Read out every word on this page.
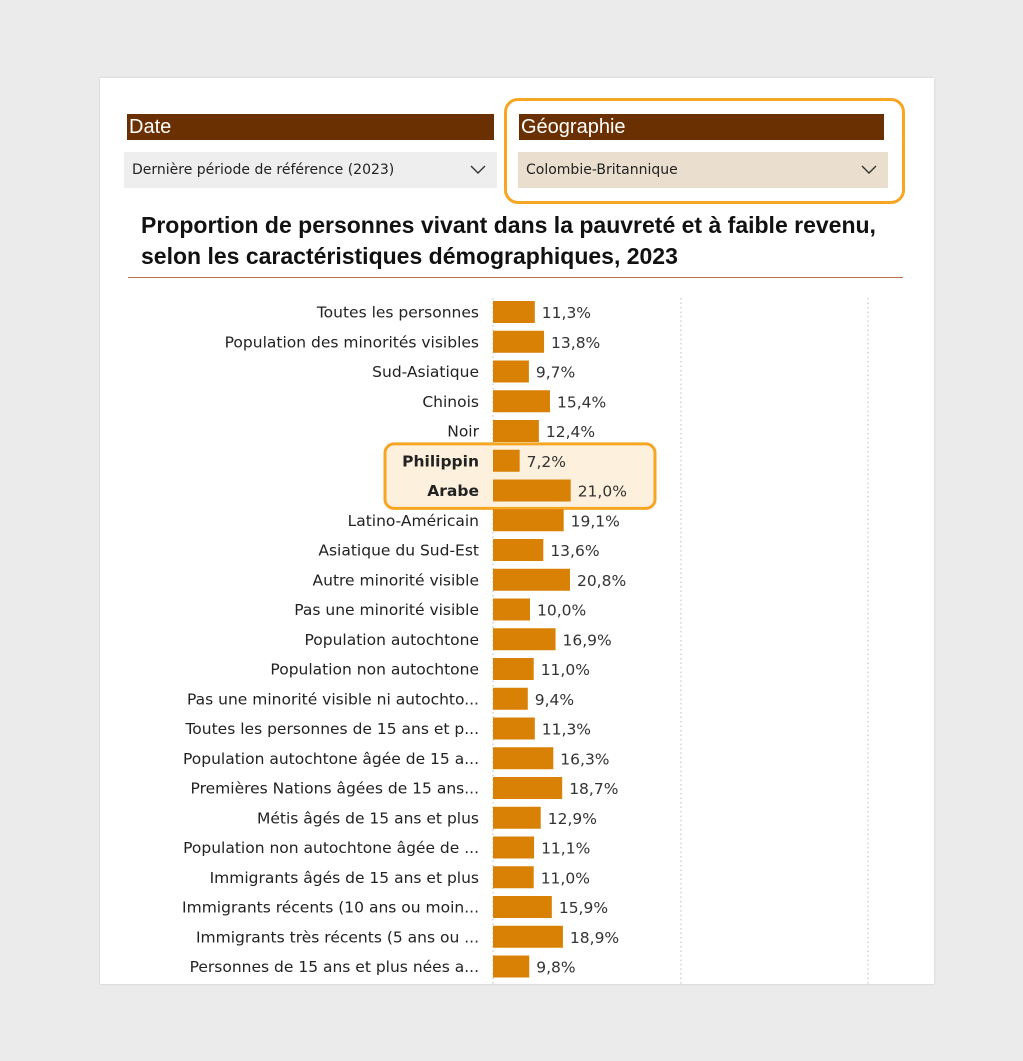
Date
Dernière période de référence (2023)
Géographie
Colombie-Britannique
Proportion de personnes vivant dans la pauvreté et à faible revenu, selon les caractéristiques démographiques, 2023
Toutes les personnes	11,3%
Population des minorités visibles	13,8%
Sud-Asiatique	9,7%
Chinois	15,4%
Noir	12,4%
Philippin	7,2%
Arabe	21,0%
Latino-Américain	19,1%
Asiatique du Sud-Est	13,6%
Autre minorité visible	20,8%
Pas une minorité visible	10,0%
Population autochtone	16,9%
Population non autochtone	11,0%
Pas une minorité visible ni autochto...	9,4%
Toutes les personnes de 15 ans et p...	11,3%
Population autochtone âgée de 15 a...	16,3%
Premières Nations âgées de 15 ans...	18,7%
Métis âgés de 15 ans et plus	12,9%
Population non autochtone âgée de ...	11,1%
Immigrants âgés de 15 ans et plus	11,0%
Immigrants récents (10 ans ou moin...	15,9%
Immigrants très récents (5 ans ou ...	18,9%
Personnes de 15 ans et plus nées a...	9,8%
